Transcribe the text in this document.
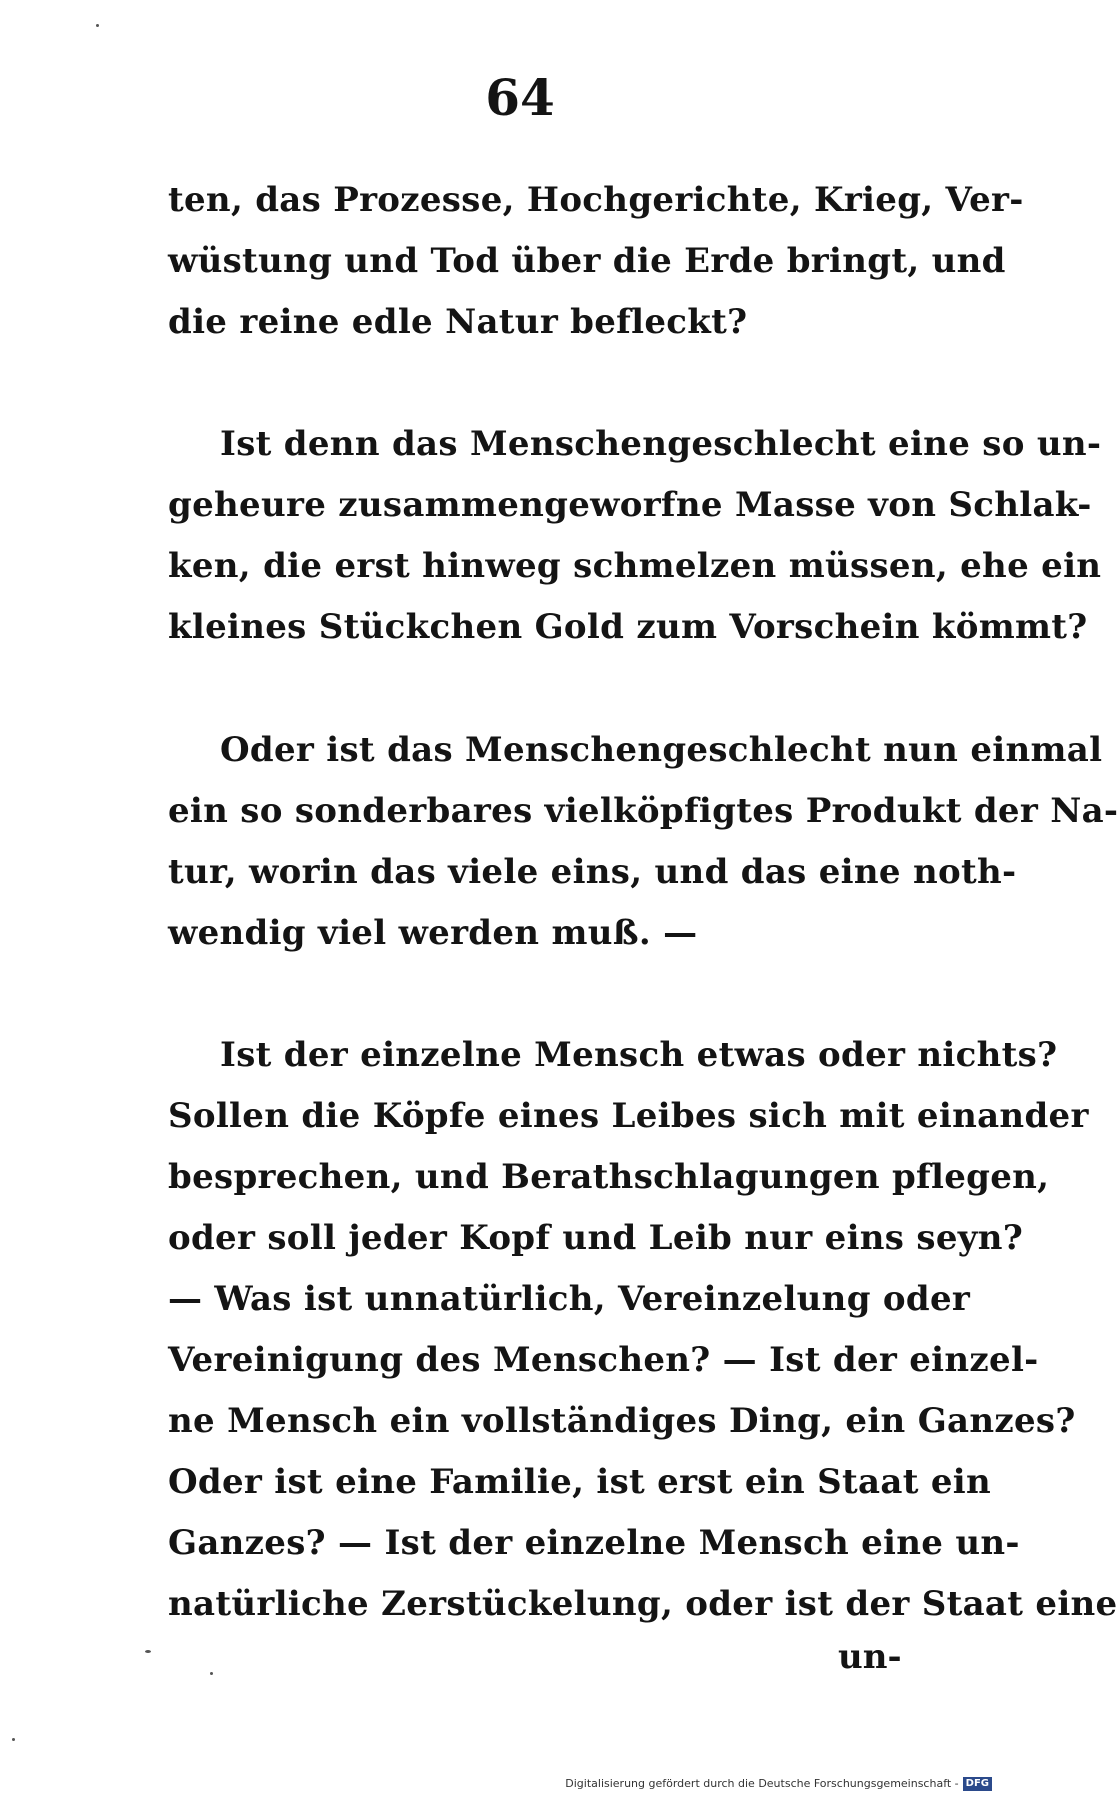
64
ten, das Prozesse, Hochgerichte, Krieg, Ver-
wüstung und Tod über die Erde bringt, und
die reine edle Natur befleckt?
Ist denn das Menschengeschlecht eine so un-
geheure zusammengeworfne Masse von Schlak-
ken, die erst hinweg schmelzen müssen, ehe ein
kleines Stückchen Gold zum Vorschein kömmt?
Oder ist das Menschengeschlecht nun einmal
ein so sonderbares vielköpfigtes Produkt der Na-
tur, worin das viele eins, und das eine noth-
wendig viel werden muß. —
Ist der einzelne Mensch etwas oder nichts?
Sollen die Köpfe eines Leibes sich mit einander
besprechen, und Berathschlagungen pflegen,
oder soll jeder Kopf und Leib nur eins seyn?
— Was ist unnatürlich, Vereinzelung oder
Vereinigung des Menschen? — Ist der einzel-
ne Mensch ein vollständiges Ding, ein Ganzes?
Oder ist eine Familie, ist erst ein Staat ein
Ganzes? — Ist der einzelne Mensch eine un-
natürliche Zerstückelung, oder ist der Staat eine
un-
Digitalisierung gefördert durch die Deutsche Forschungsgemeinschaft - DFG
